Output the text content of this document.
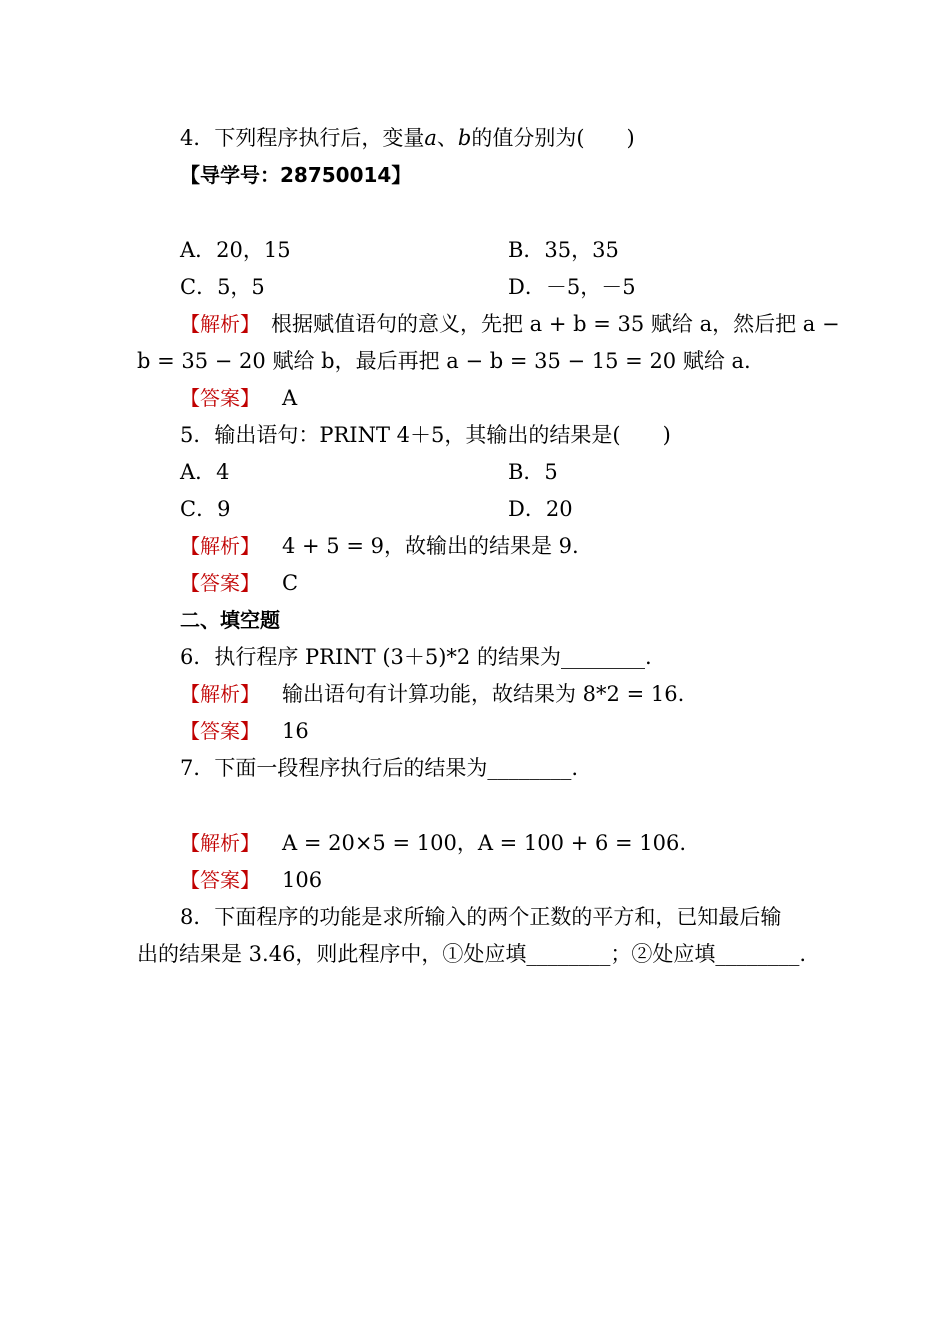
4．下列程序执行后，变量a、b的值分别为(　　)
【导学号：28750014】
A．20，15	B．35，35
C．5，5	D．－5，－5
【解析】　根据赋值语句的意义，先把 a + b = 35 赋给 a，然后把 a −
b = 35 − 20 赋给 b，最后再把 a − b = 35 − 15 = 20 赋给 a.
【答案】 A
5．输出语句：PRINT 4＋5，其输出的结果是(　　)
A．4	B．5
C．9	D．20
【解析】 4 + 5 = 9，故输出的结果是 9.
【答案】 C
二、填空题
6．执行程序 PRINT (3＋5)*2 的结果为________.
【解析】 输出语句有计算功能，故结果为 8*2 = 16.
【答案】 16
7．下面一段程序执行后的结果为________.
【解析】 A = 20×5 = 100，A = 100 + 6 = 106.
【答案】 106
8．下面程序的功能是求所输入的两个正数的平方和，已知最后输
出的结果是 3.46，则此程序中，①处应填________；②处应填________.
